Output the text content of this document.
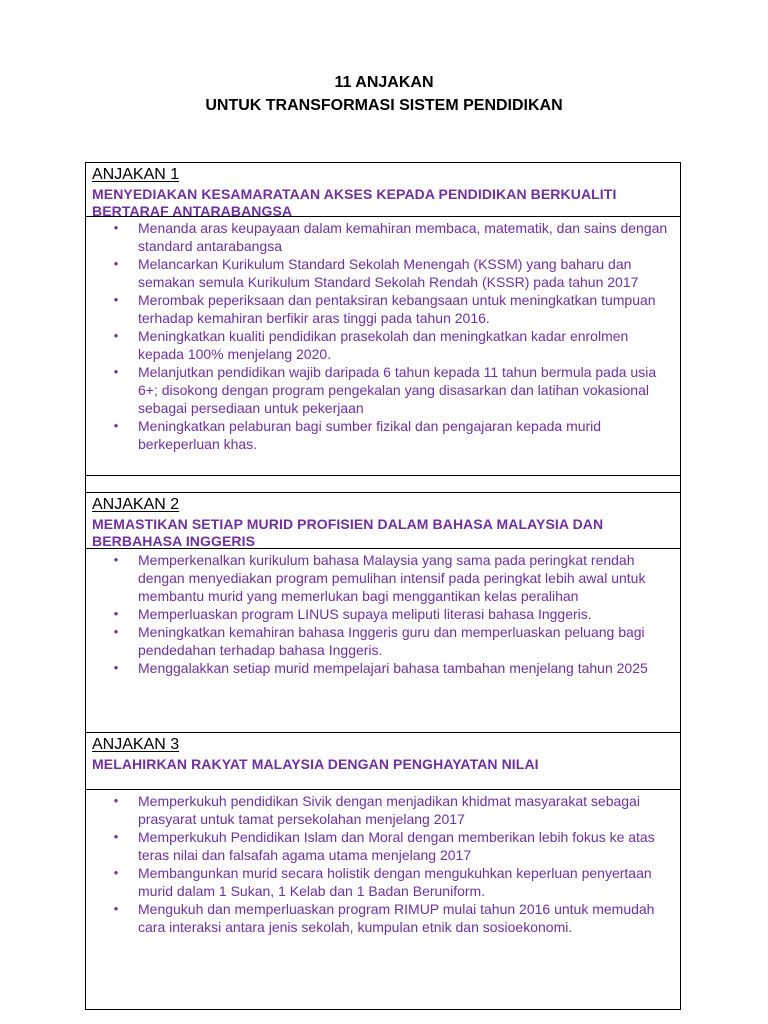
11 ANJAKAN
UNTUK TRANSFORMASI SISTEM PENDIDIKAN
ANJAKAN 1
MENYEDIAKAN KESAMARATAAN AKSES KEPADA PENDIDIKAN BERKUALITI BERTARAF ANTARABANGSA
• Menanda aras keupayaan dalam kemahiran membaca, matematik, dan sains dengan standard antarabangsa
• Melancarkan Kurikulum Standard Sekolah Menengah (KSSM) yang baharu dan semakan semula Kurikulum Standard Sekolah Rendah (KSSR) pada tahun 2017
• Merombak peperiksaan dan pentaksiran kebangsaan untuk meningkatkan tumpuan terhadap kemahiran berfikir aras tinggi pada tahun 2016.
• Meningkatkan kualiti pendidikan prasekolah dan meningkatkan kadar enrolmen kepada 100% menjelang 2020.
• Melanjutkan pendidikan wajib daripada 6 tahun kepada 11 tahun bermula pada usia 6+; disokong dengan program pengekalan yang disasarkan dan latihan vokasional sebagai persediaan untuk pekerjaan
• Meningkatkan pelaburan bagi sumber fizikal dan pengajaran kepada murid berkeperluan khas.
ANJAKAN 2
MEMASTIKAN SETIAP MURID PROFISIEN DALAM BAHASA MALAYSIA DAN BERBAHASA INGGERIS
• Memperkenalkan kurikulum bahasa Malaysia yang sama pada peringkat rendah dengan menyediakan program pemulihan intensif pada peringkat lebih awal untuk membantu murid yang memerlukan bagi menggantikan kelas peralihan
• Memperluaskan program LINUS supaya meliputi literasi bahasa Inggeris.
• Meningkatkan kemahiran bahasa Inggeris guru dan memperluaskan peluang bagi pendedahan terhadap bahasa Inggeris.
• Menggalakkan setiap murid mempelajari bahasa tambahan menjelang tahun 2025
ANJAKAN 3
MELAHIRKAN RAKYAT MALAYSIA DENGAN PENGHAYATAN NILAI
• Memperkukuh pendidikan Sivik dengan menjadikan khidmat masyarakat sebagai prasyarat untuk tamat persekolahan menjelang 2017
• Memperkukuh Pendidikan Islam dan Moral dengan memberikan lebih fokus ke atas teras nilai dan falsafah agama utama menjelang 2017
• Membangunkan murid secara holistik dengan mengukuhkan keperluan penyertaan murid dalam 1 Sukan, 1 Kelab dan 1 Badan Beruniform.
• Mengukuh dan memperluaskan program RIMUP mulai tahun 2016 untuk memudah cara interaksi antara jenis sekolah, kumpulan etnik dan sosioekonomi.
